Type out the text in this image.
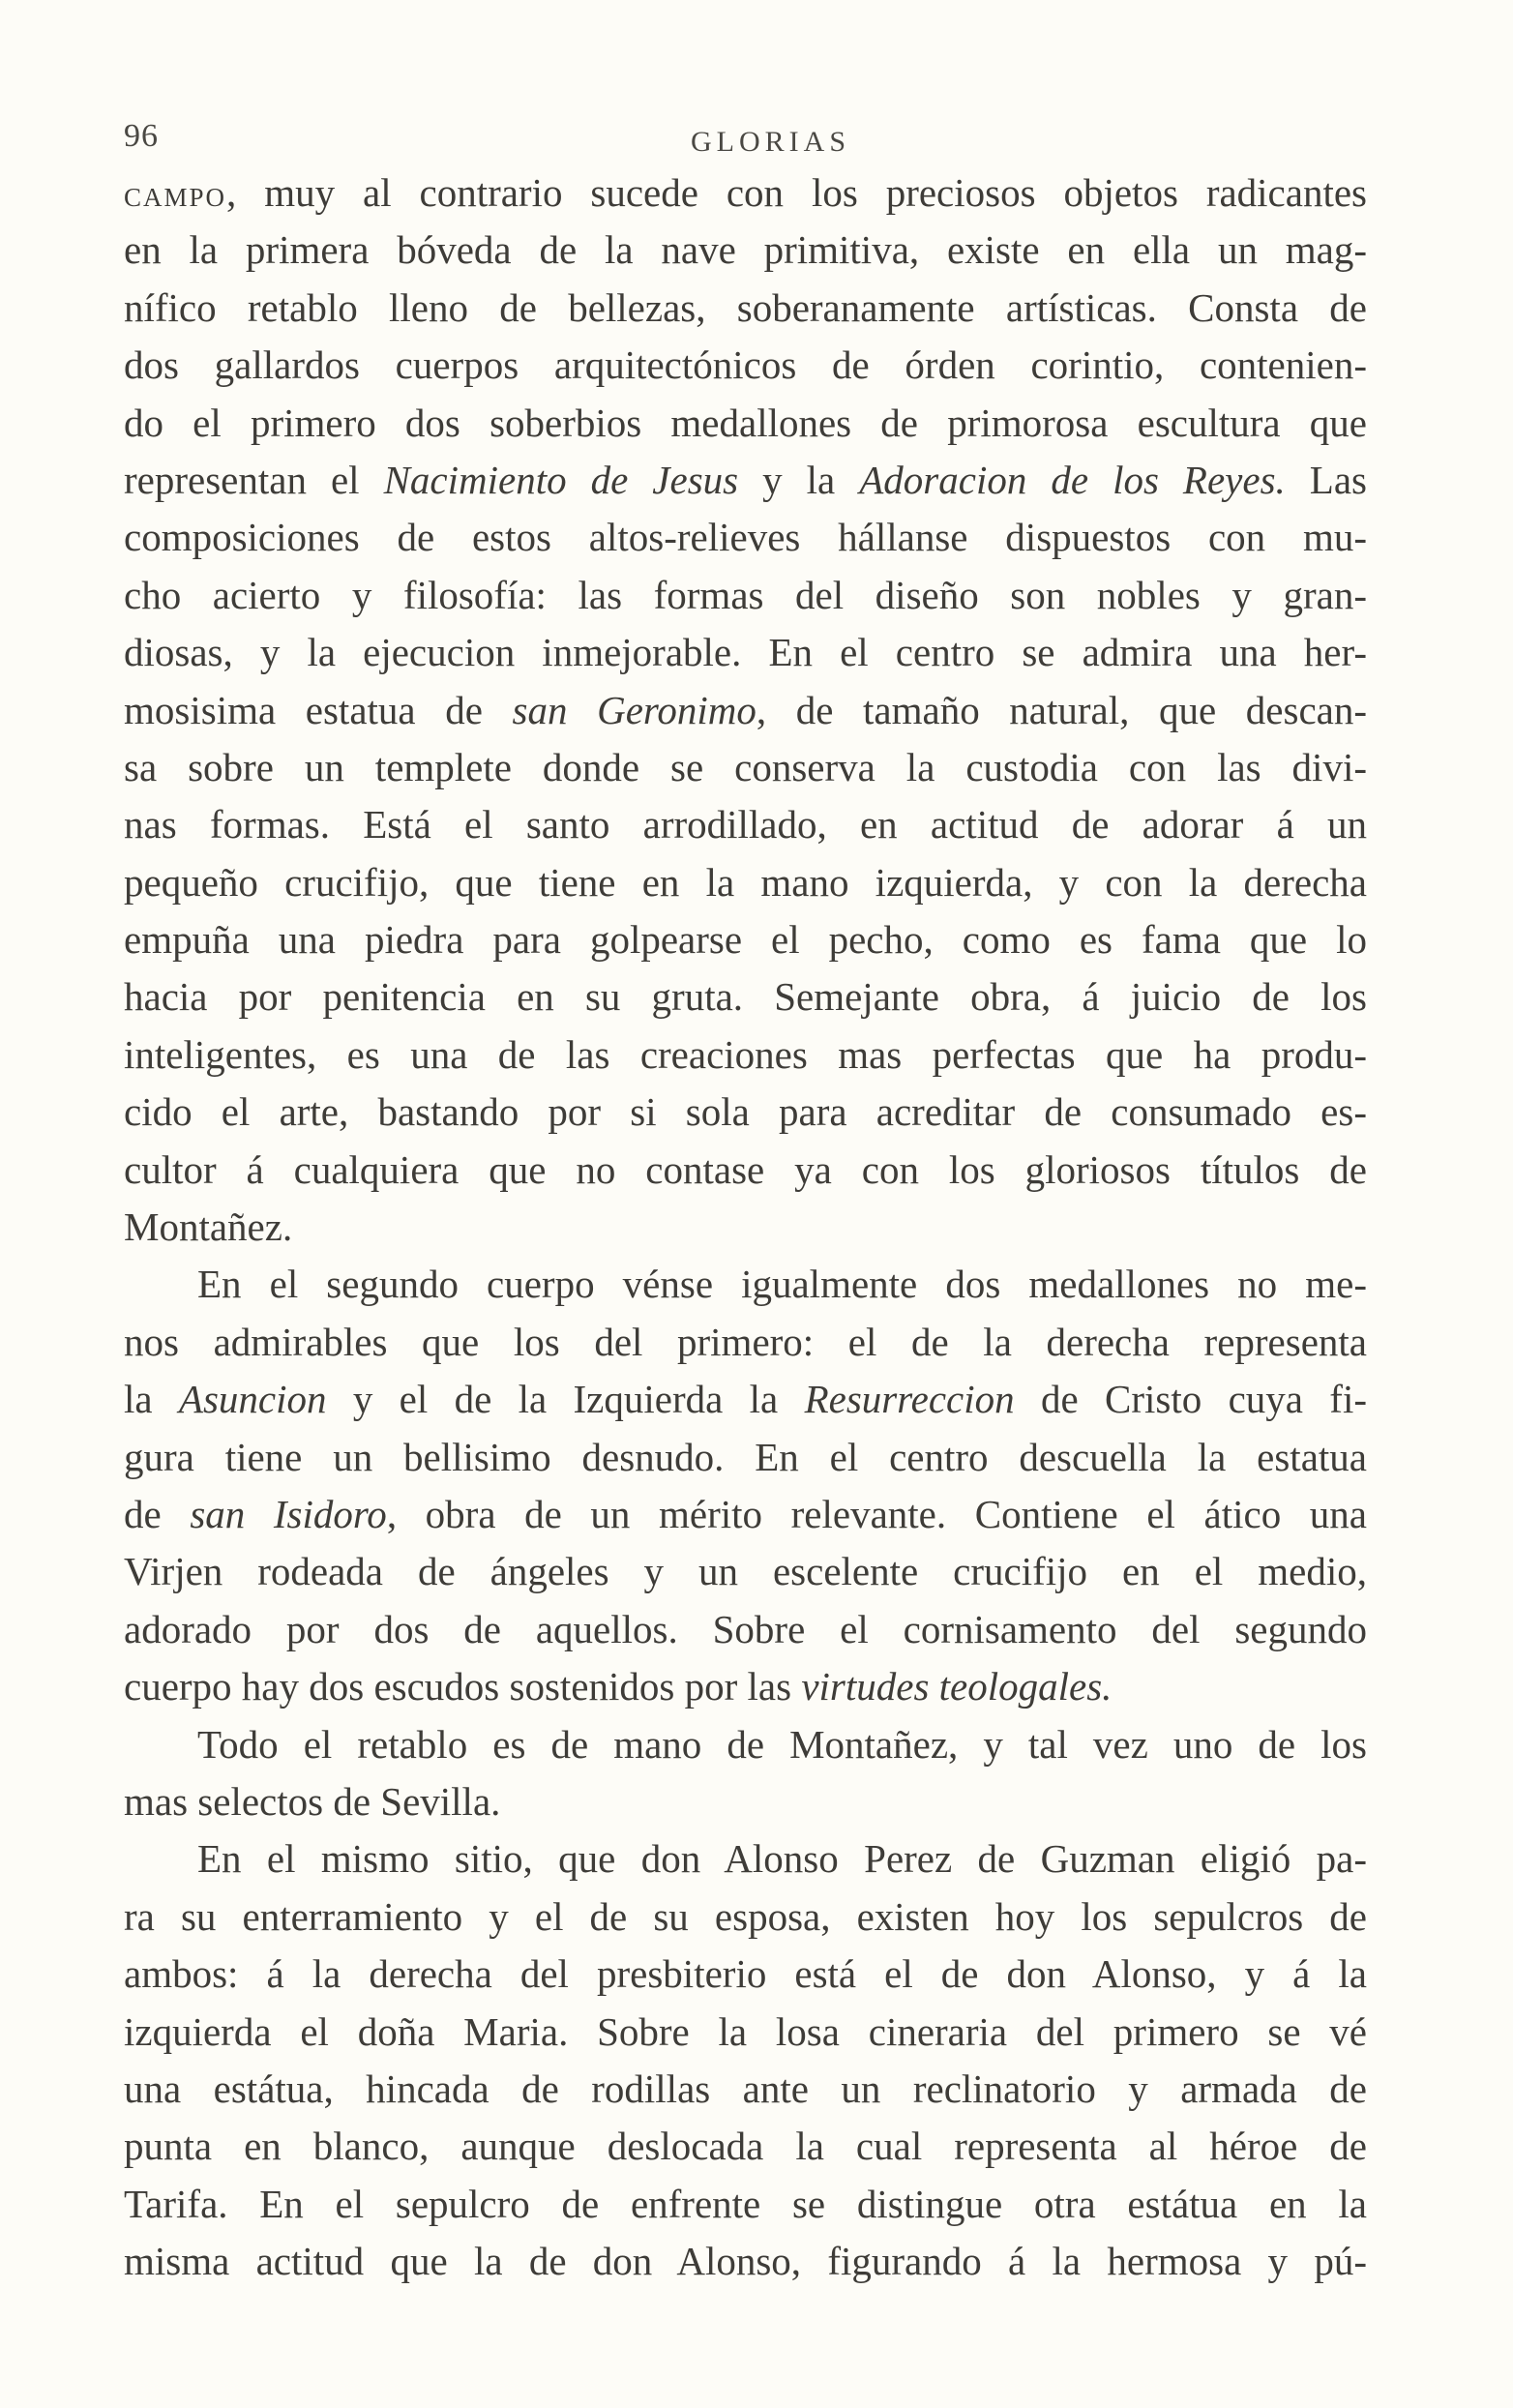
96	GLORIAS
CAMPO, muy al contrario sucede con los preciosos objetos radicantes
en la primera bóveda de la nave primitiva, existe en ella un mag-
nífico retablo lleno de bellezas, soberanamente artísticas. Consta de
dos gallardos cuerpos arquitectónicos de órden corintio, contenien-
do el primero dos soberbios medallones de primorosa escultura que
representan el Nacimiento de Jesus y la Adoracion de los Reyes. Las
composiciones de estos altos-relieves hállanse dispuestos con mu-
cho acierto y filosofía: las formas del diseño son nobles y gran-
diosas, y la ejecucion inmejorable. En el centro se admira una her-
mosisima estatua de san Geronimo, de tamaño natural, que descan-
sa sobre un templete donde se conserva la custodia con las divi-
nas formas. Está el santo arrodillado, en actitud de adorar á un
pequeño crucifijo, que tiene en la mano izquierda, y con la derecha
empuña una piedra para golpearse el pecho, como es fama que lo
hacia por penitencia en su gruta. Semejante obra, á juicio de los
inteligentes, es una de las creaciones mas perfectas que ha produ-
cido el arte, bastando por si sola para acreditar de consumado es-
cultor á cualquiera que no contase ya con los gloriosos títulos de
Montañez.
En el segundo cuerpo vénse igualmente dos medallones no me-
nos admirables que los del primero: el de la derecha representa
la Asuncion y el de la Izquierda la Resurreccion de Cristo cuya fi-
gura tiene un bellisimo desnudo. En el centro descuella la estatua
de san Isidoro, obra de un mérito relevante. Contiene el ático una
Virjen rodeada de ángeles y un escelente crucifijo en el medio,
adorado por dos de aquellos. Sobre el cornisamento del segundo
cuerpo hay dos escudos sostenidos por las virtudes teologales.
Todo el retablo es de mano de Montañez, y tal vez uno de los
mas selectos de Sevilla.
En el mismo sitio, que don Alonso Perez de Guzman eligió pa-
ra su enterramiento y el de su esposa, existen hoy los sepulcros de
ambos: á la derecha del presbiterio está el de don Alonso, y á la
izquierda el doña Maria. Sobre la losa cineraria del primero se vé
una estátua, hincada de rodillas ante un reclinatorio y armada de
punta en blanco, aunque deslocada la cual representa al héroe de
Tarifa. En el sepulcro de enfrente se distingue otra estátua en la
misma actitud que la de don Alonso, figurando á la hermosa y pú-
